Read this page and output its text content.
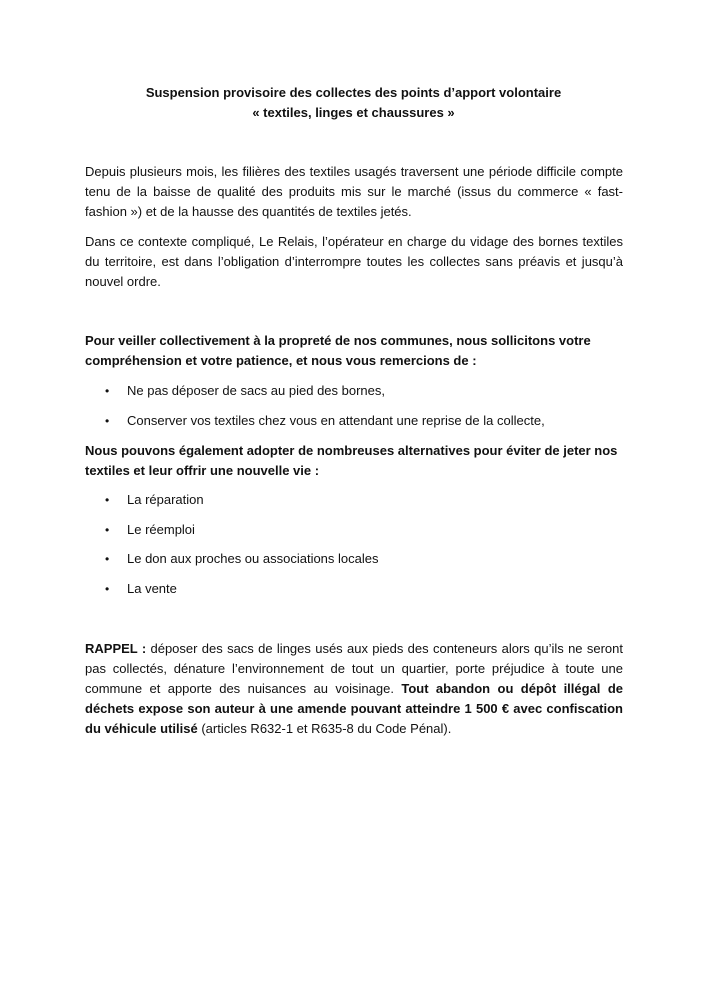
Suspension provisoire des collectes des points d’apport volontaire
« textiles, linges et chaussures »

Depuis plusieurs mois, les filières des textiles usagés traversent une période difficile compte tenu de la baisse de qualité des produits mis sur le marché (issus du commerce « fast-fashion ») et de la hausse des quantités de textiles jetés.

Dans ce contexte compliqué, Le Relais, l’opérateur en charge du vidage des bornes textiles du territoire, est dans l’obligation d’interrompre toutes les collectes sans préavis et jusqu’à nouvel ordre.

Pour veiller collectivement à la propreté de nos communes, nous sollicitons votre compréhension et votre patience, et nous vous remercions de :

• Ne pas déposer de sacs au pied des bornes,
• Conserver vos textiles chez vous en attendant une reprise de la collecte,

Nous pouvons également adopter de nombreuses alternatives pour éviter de jeter nos textiles et leur offrir une nouvelle vie :

• La réparation
• Le réemploi
• Le don aux proches ou associations locales
• La vente

RAPPEL : déposer des sacs de linges usés aux pieds des conteneurs alors qu’ils ne seront pas collectés, dénature l’environnement de tout un quartier, porte préjudice à toute une commune et apporte des nuisances au voisinage. Tout abandon ou dépôt illégal de déchets expose son auteur à une amende pouvant atteindre 1 500 € avec confiscation du véhicule utilisé (articles R632-1 et R635-8 du Code Pénal).
